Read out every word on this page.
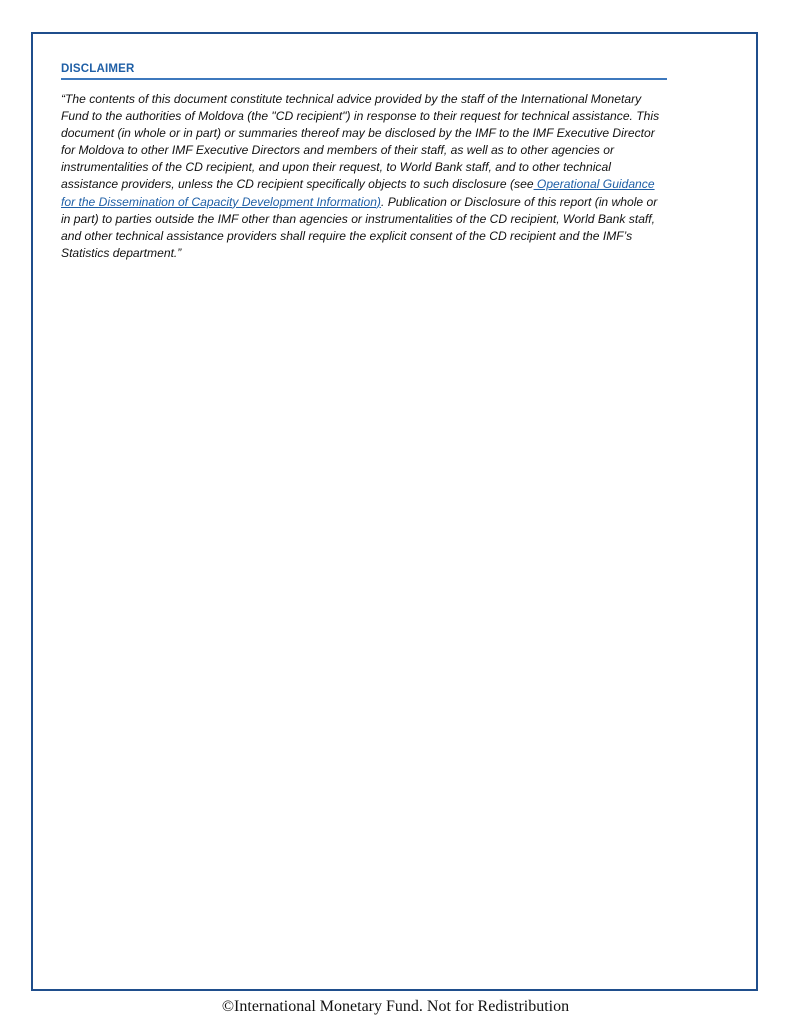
DISCLAIMER

“The contents of this document constitute technical advice provided by the staff of the International Monetary Fund to the authorities of Moldova (the "CD recipient") in response to their request for technical assistance. This document (in whole or in part) or summaries thereof may be disclosed by the IMF to the IMF Executive Director for Moldova to other IMF Executive Directors and members of their staff, as well as to other agencies or instrumentalities of the CD recipient, and upon their request, to World Bank staff, and to other technical assistance providers, unless the CD recipient specifically objects to such disclosure (see Operational Guidance for the Dissemination of Capacity Development Information). Publication or Disclosure of this report (in whole or in part) to parties outside the IMF other than agencies or instrumentalities of the CD recipient, World Bank staff, and other technical assistance providers shall require the explicit consent of the CD recipient and the IMF’s Statistics department.”

©International Monetary Fund. Not for Redistribution
